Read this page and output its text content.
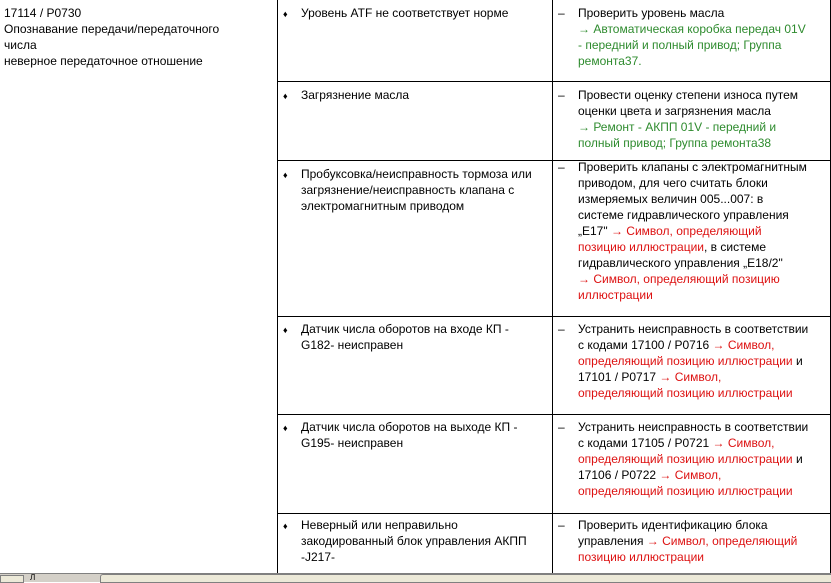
17114 / P0730
Опознавание передачи/передаточного
числа
неверное передаточное отношение
♦ Уровень ATF не соответствует норме	– Проверить уровень масла
→ Автоматическая коробка передач 01V
- передний и полный привод; Группа
ремонта37.
♦ Загрязнение масла	– Провести оценку степени износа путем
оценки цвета и загрязнения масла
→ Ремонт - АКПП 01V - передний и
полный привод; Группа ремонта38
♦ Пробуксовка/неисправность тормоза или
загрязнение/неисправность клапана с
электромагнитным приводом
– Проверить клапаны с электромагнитным
приводом, для чего считать блоки
измеряемых величин 005...007: в
системе гидравлического управления
„E17" → Символ, определяющий
позицию иллюстрации, в системе
гидравлического управления „E18/2"
→ Символ, определяющий позицию
иллюстрации
♦ Датчик числа оборотов на входе КП -
G182- неисправен
– Устранить неисправность в соответствии
с кодами 17100 / P0716 → Символ,
определяющий позицию иллюстрации и
17101 / P0717 → Символ,
определяющий позицию иллюстрации
♦ Датчик числа оборотов на выходе КП -
G195- неисправен
– Устранить неисправность в соответствии
с кодами 17105 / P0721 → Символ,
определяющий позицию иллюстрации и
17106 / P0722 → Символ,
определяющий позицию иллюстрации
♦ Неверный или неправильно
закодированный блок управления АКПП
-J217-
– Проверить идентификацию блока
управления → Символ, определяющий
позицию иллюстрации
Л
